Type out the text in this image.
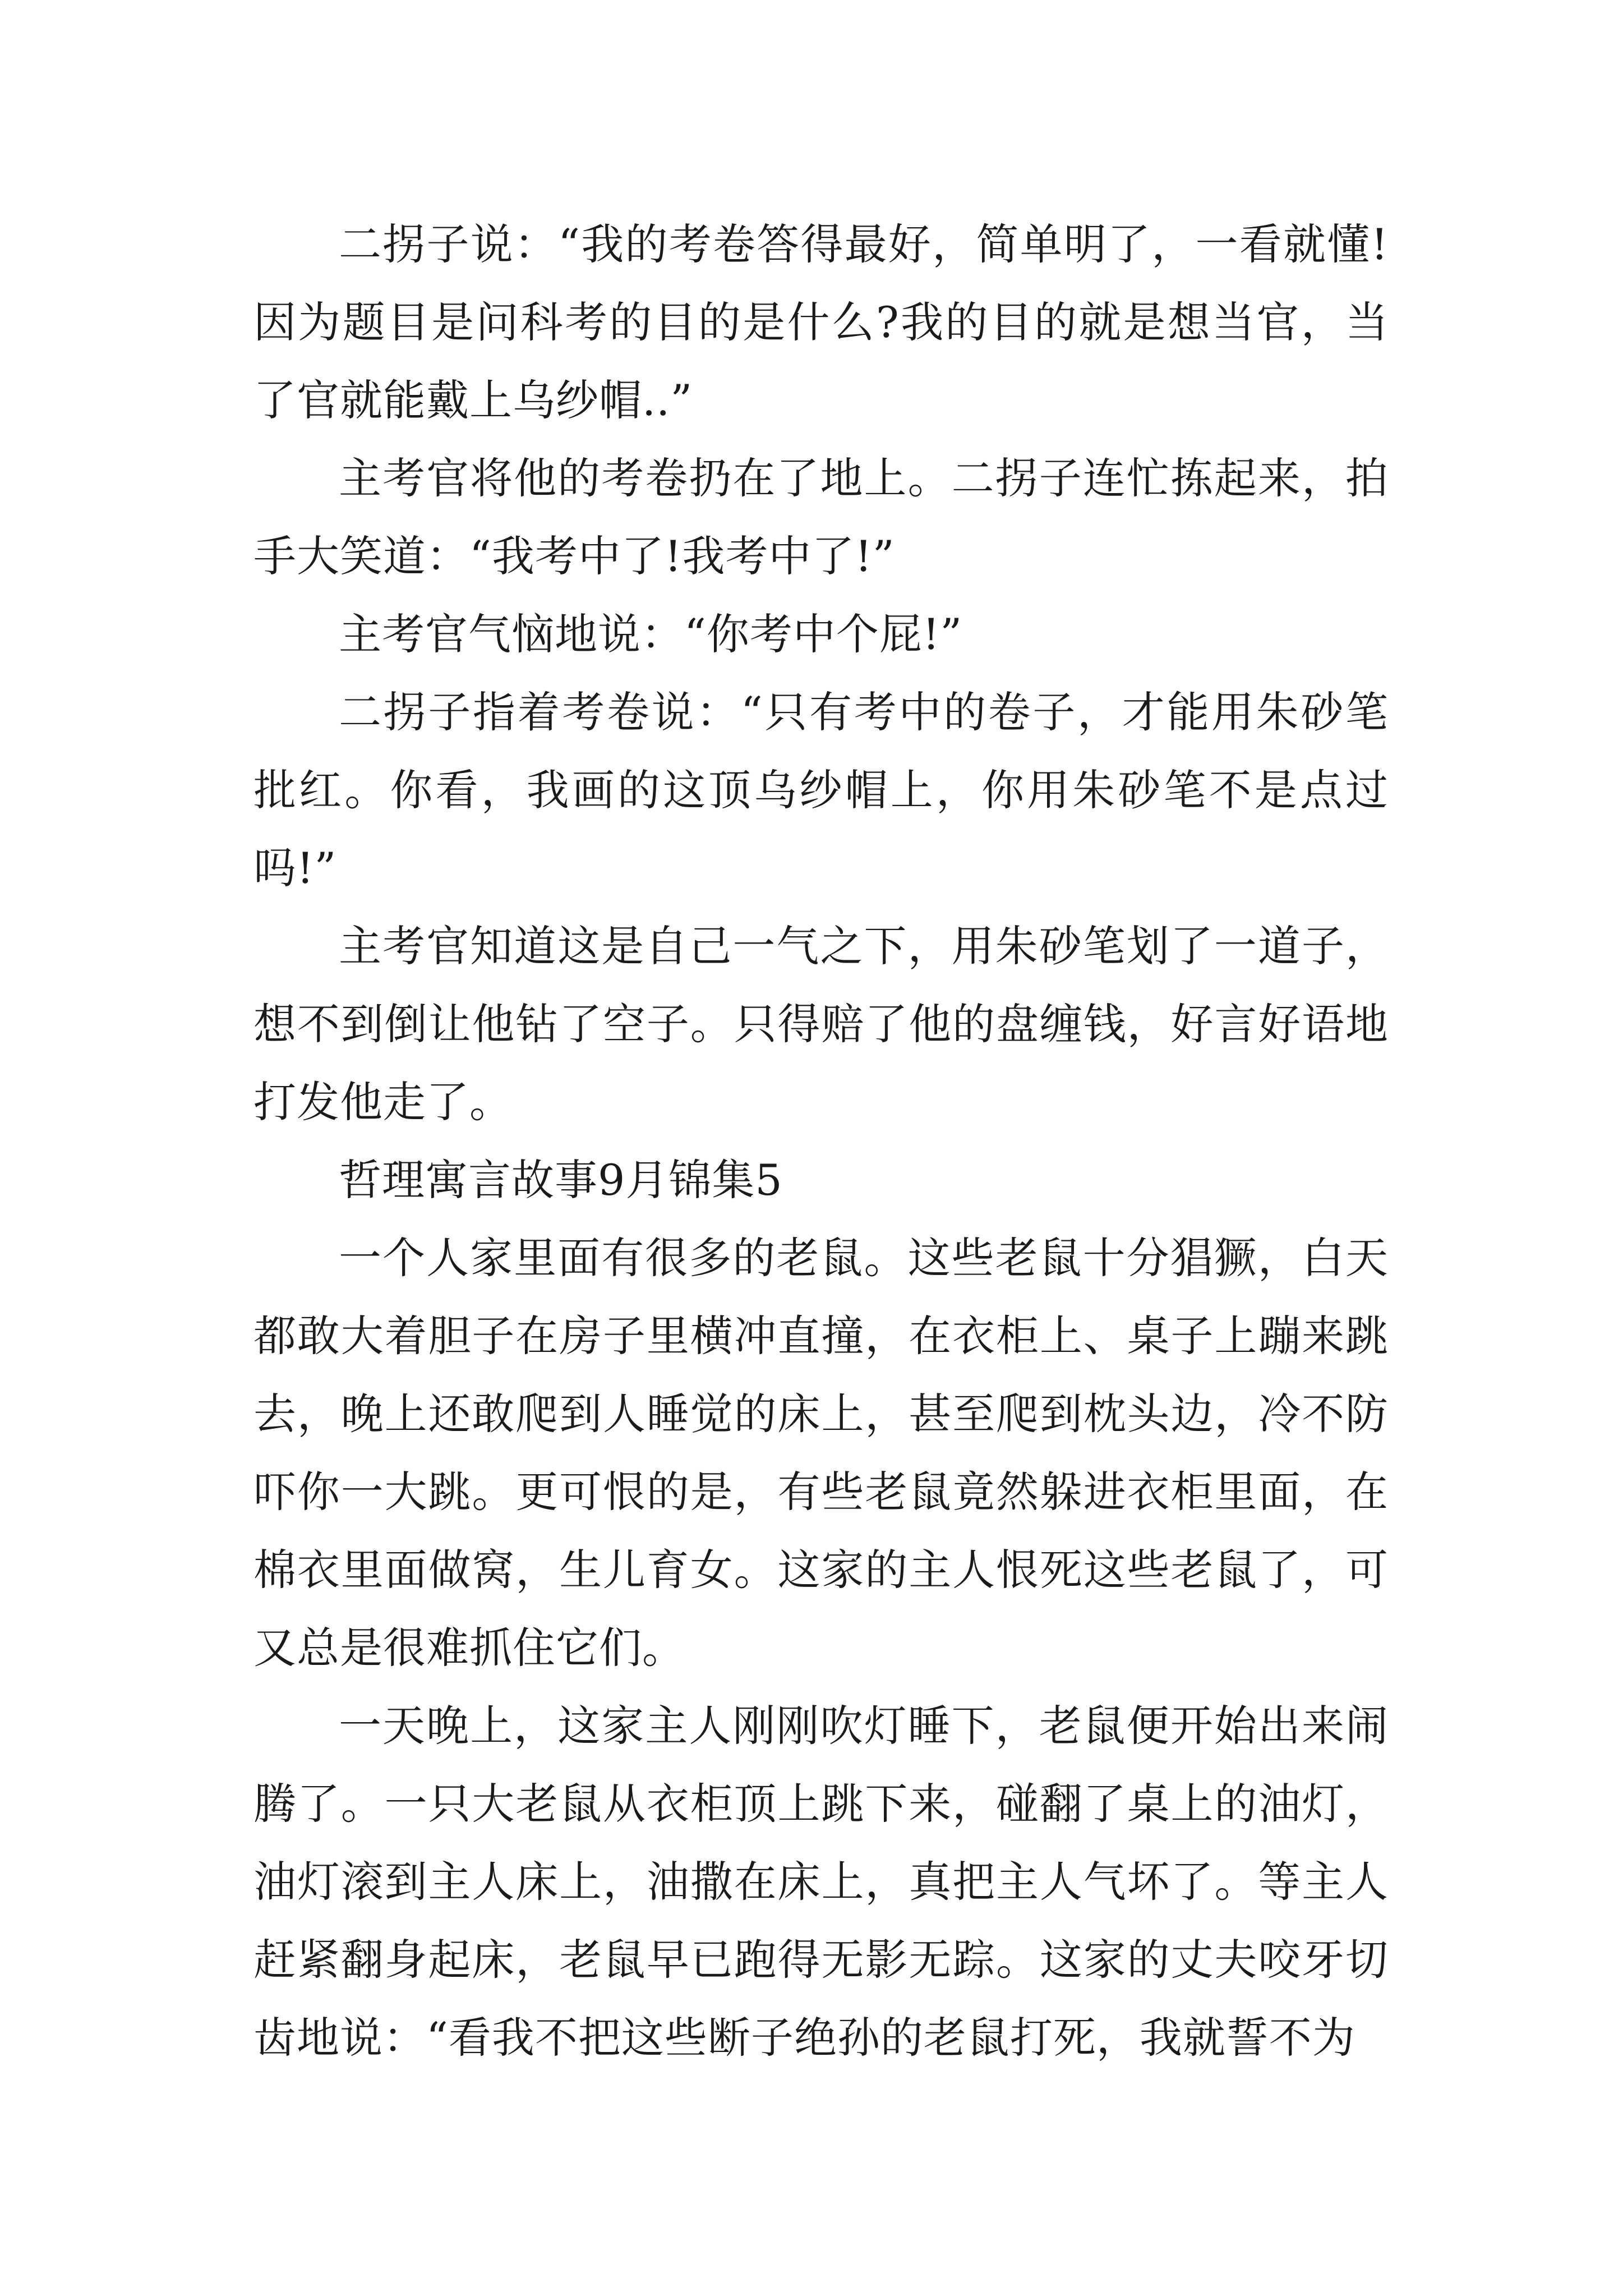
二拐子说：“我的考卷答得最好，简单明了，一看就懂!因为题目是问科考的目的是什么?我的目的就是想当官，当了官就能戴上乌纱帽..”

主考官将他的考卷扔在了地上。二拐子连忙拣起来，拍手大笑道：“我考中了!我考中了!”

主考官气恼地说：“你考中个屁!”

二拐子指着考卷说：“只有考中的卷子，才能用朱砂笔批红。你看，我画的这顶乌纱帽上，你用朱砂笔不是点过吗!”

主考官知道这是自己一气之下，用朱砂笔划了一道子，想不到倒让他钻了空子。只得赔了他的盘缠钱，好言好语地打发他走了。

哲理寓言故事9月锦集5

一个人家里面有很多的老鼠。这些老鼠十分猖獗，白天都敢大着胆子在房子里横冲直撞，在衣柜上、桌子上蹦来跳去，晚上还敢爬到人睡觉的床上，甚至爬到枕头边，冷不防吓你一大跳。更可恨的是，有些老鼠竟然躲进衣柜里面，在棉衣里面做窝，生儿育女。这家的主人恨死这些老鼠了，可又总是很难抓住它们。

一天晚上，这家主人刚刚吹灯睡下，老鼠便开始出来闹腾了。一只大老鼠从衣柜顶上跳下来，碰翻了桌上的油灯，油灯滚到主人床上，油撒在床上，真把主人气坏了。等主人赶紧翻身起床，老鼠早已跑得无影无踪。这家的丈夫咬牙切齿地说：“看我不把这些断子绝孙的老鼠打死，我就誓不为
